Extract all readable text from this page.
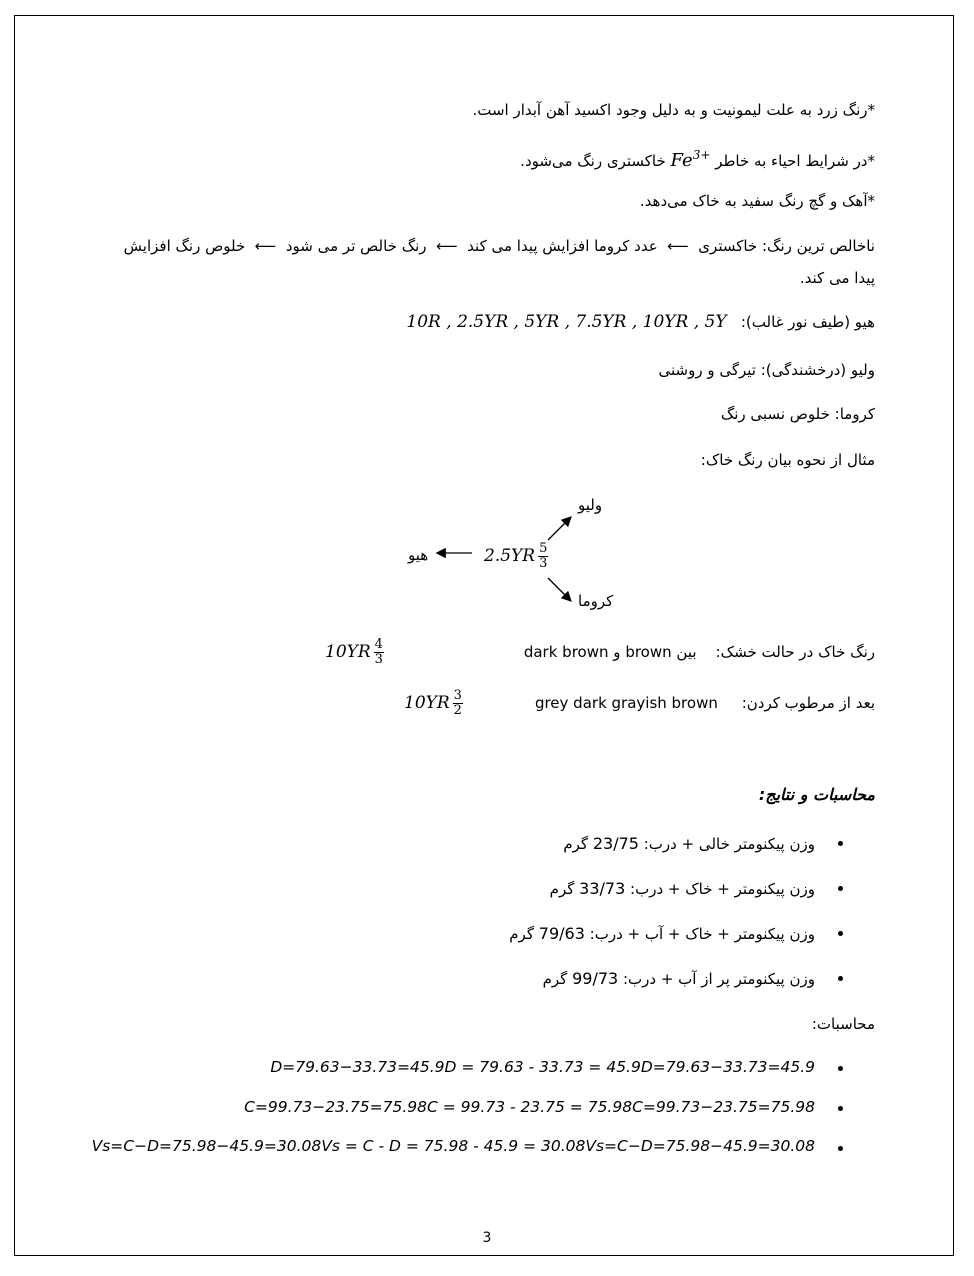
*رنگ زرد به علت لیمونیت و به دلیل وجود اکسید آهن آبدار است.
*در شرایط احیاء به خاطر $Fe^{3+}$ خاکستری رنگ می‌شود.
*آهک و گچ رنگ سفید به خاک می‌دهد.
ناخالص ترین رنگ: خاکستری  ⟵  عدد کروما افزایش پیدا می کند  ⟵  رنگ خالص تر می شود  ⟵  خلوص رنگ افزایش
پیدا می کند.
هیو (طیف نور غالب):   10R , 2.5YR , 5YR , 7.5YR , 10YR , 5Y
ولیو (درخشندگی): تیرگی و روشنی
کروما: خلوص نسبی رنگ
مثال از نحوه بیان رنگ خاک:
ولیو
هیو
کروما
$2.5YR \frac{5}{3}$
رنگ خاک در حالت خشک:    بین brown و dark brown
$10YR \frac{4}{3}$
بعد از مرطوب کردن:     grey dark grayish brown
$10YR \frac{3}{2}$
محاسبات و نتایج:
وزن پیکنومتر خالی + درب: 23/75 گرم
وزن پیکنومتر + خاک + درب: 33/73 گرم
وزن پیکنومتر + خاک + آب + درب: 79/63 گرم
وزن پیکنومتر پر از آب + درب: 99/73 گرم
محاسبات:
D=79.63−33.73=45.9D = 79.63 - 33.73 = 45.9D=79.63−33.73=45.9
C=99.73−23.75=75.98C = 99.73 - 23.75 = 75.98C=99.73−23.75=75.98
Vs=C−D=75.98−45.9=30.08Vs = C - D = 75.98 - 45.9 = 30.08Vs=C−D=75.98−45.9=30.08
3
